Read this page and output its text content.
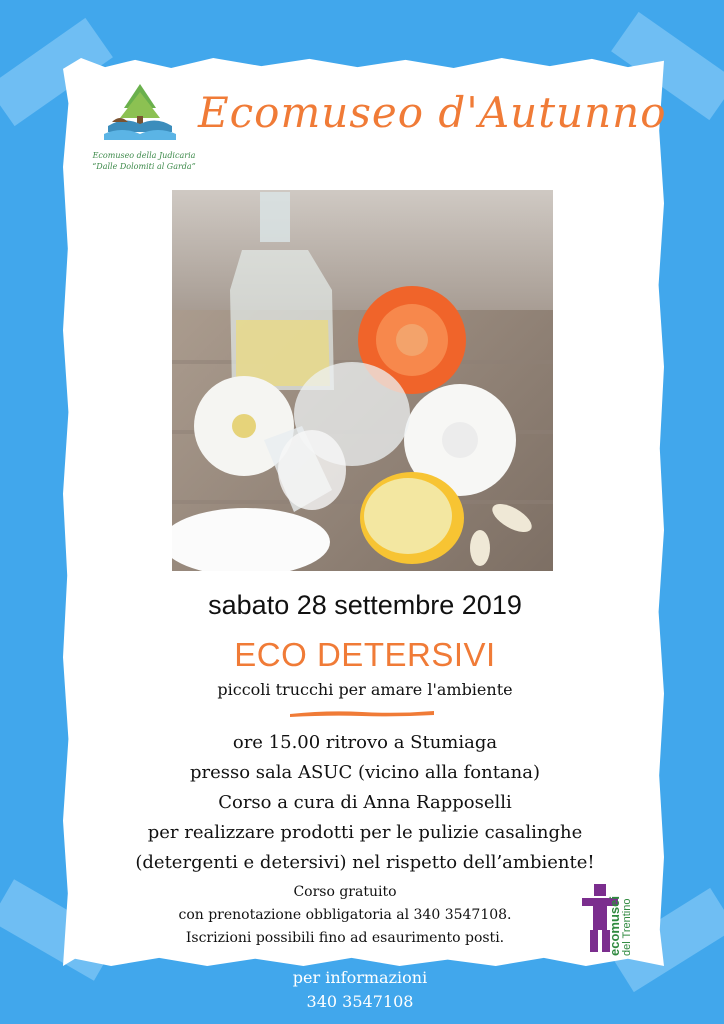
Ecomuseo della Judicaria
“Dalle Dolomiti al Garda”
Ecomuseo d'Autunno
sabato 28 settembre 2019
ECO DETERSIVI
piccoli trucchi per amare l'ambiente
ore 15.00 ritrovo a Stumiaga
presso sala ASUC (vicino alla fontana)
Corso a cura di Anna Rapposelli
per realizzare prodotti per le pulizie casalinghe
(detergenti e detersivi) nel rispetto dell’ambiente!
Corso gratuito
con prenotazione obbligatoria al 340 3547108.
Iscrizioni possibili fino ad esaurimento posti.	ecomusei del Trentino
per informazioni
340 3547108
